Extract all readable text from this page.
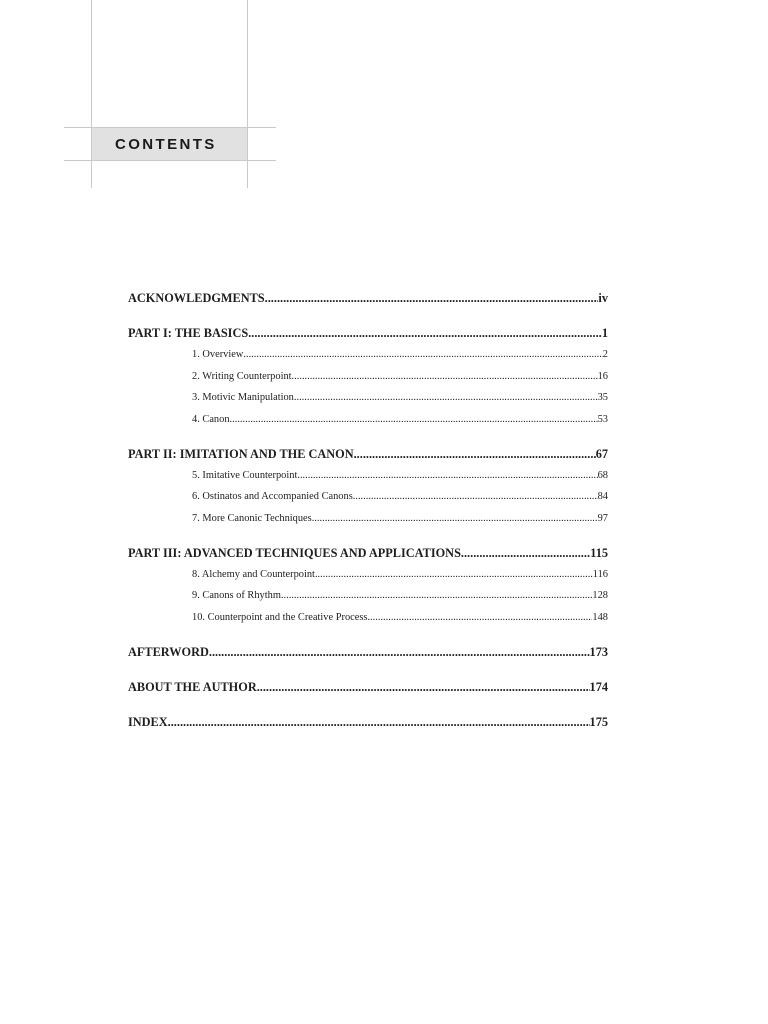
CONTENTS
ACKNOWLEDGMENTS .....	iv
PART I: THE BASICS .....	1
1. Overview .....	2
2. Writing Counterpoint .....	16
3. Motivic Manipulation .....	35
4. Canon .....	53
PART II: IMITATION AND THE CANON .....	67
5. Imitative Counterpoint .....	68
6. Ostinatos and Accompanied Canons .....	84
7. More Canonic Techniques .....	97
PART III: ADVANCED TECHNIQUES AND APPLICATIONS .....	115
8. Alchemy and Counterpoint .....	116
9. Canons of Rhythm .....	128
10. Counterpoint and the Creative Process .....	148
AFTERWORD .....	173
ABOUT THE AUTHOR .....	174
INDEX .....	175
